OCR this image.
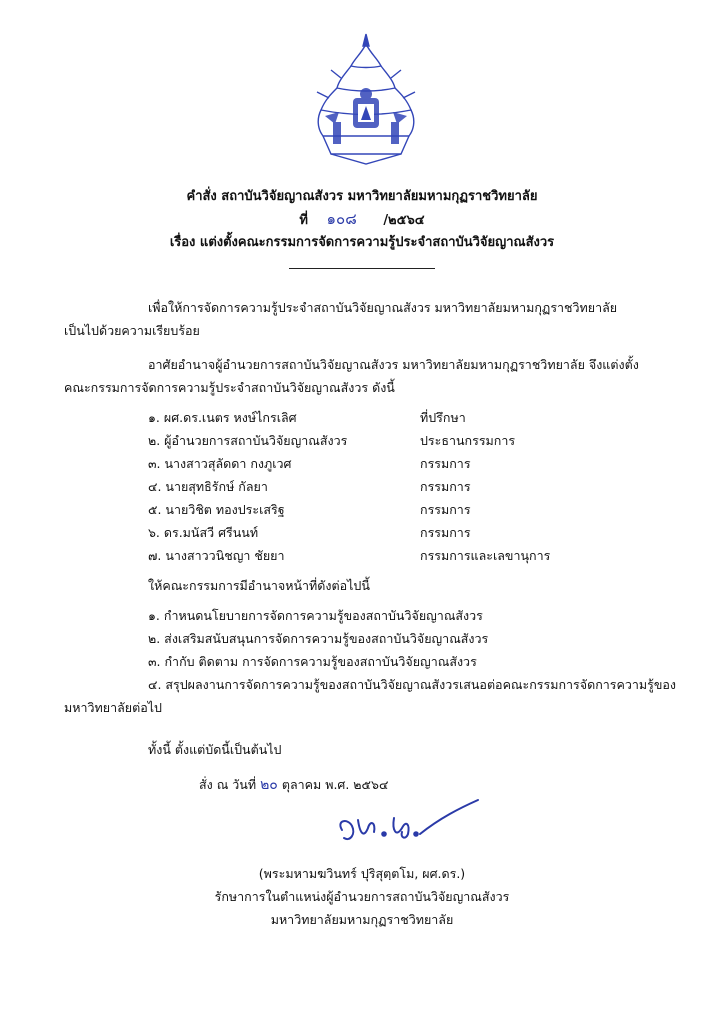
คำสั่ง สถาบันวิจัยญาณสังวร มหาวิทยาลัยมหามกุฏราชวิทยาลัย
ที่ ๑๐๘ /๒๕๖๔
เรื่อง แต่งตั้งคณะกรรมการจัดการความรู้ประจำสถาบันวิจัยญาณสังวร
เพื่อให้การจัดการความรู้ประจำสถาบันวิจัยญาณสังวร มหาวิทยาลัยมหามกุฏราชวิทยาลัย
เป็นไปด้วยความเรียบร้อย
อาศัยอำนาจผู้อำนวยการสถาบันวิจัยญาณสังวร มหาวิทยาลัยมหามกุฏราชวิทยาลัย จึงแต่งตั้ง
คณะกรรมการจัดการความรู้ประจำสถาบันวิจัยญาณสังวร ดังนี้
๑. ผศ.ดร.เนตร หงษ์ไกรเลิศ	ที่ปรึกษา
๒. ผู้อำนวยการสถาบันวิจัยญาณสังวร	ประธานกรรมการ
๓. นางสาวสุลัดดา กงภูเวศ	กรรมการ
๔. นายสุทธิรักษ์ กัลยา	กรรมการ
๕. นายวิชิต ทองประเสริฐ	กรรมการ
๖. ดร.มนัสวี ศรีนนท์	กรรมการ
๗. นางสาววนิชญา ชัยยา	กรรมการและเลขานุการ
ให้คณะกรรมการมีอำนาจหน้าที่ดังต่อไปนี้
๑. กำหนดนโยบายการจัดการความรู้ของสถาบันวิจัยญาณสังวร
๒. ส่งเสริมสนับสนุนการจัดการความรู้ของสถาบันวิจัยญาณสังวร
๓. กำกับ ติดตาม การจัดการความรู้ของสถาบันวิจัยญาณสังวร
๔. สรุปผลงานการจัดการความรู้ของสถาบันวิจัยญาณสังวรเสนอต่อคณะกรรมการจัดการความรู้ของ
มหาวิทยาลัยต่อไป
ทั้งนี้ ตั้งแต่บัดนี้เป็นต้นไป
สั่ง ณ วันที่ ๒๐ ตุลาคม พ.ศ. ๒๕๖๔
(พระมหามฆวินทร์ ปุริสุตฺตโม, ผศ.ดร.)
รักษาการในตำแหน่งผู้อำนวยการสถาบันวิจัยญาณสังวร
มหาวิทยาลัยมหามกุฏราชวิทยาลัย
